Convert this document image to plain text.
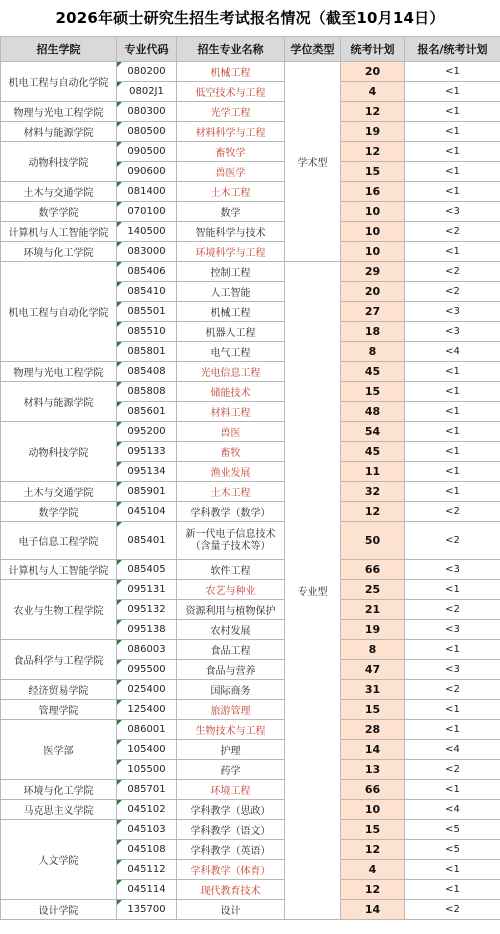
2026年硕士研究生招生考试报名情况（截至10月14日）
招生学院	专业代码	招生专业名称	学位类型	统考计划	报名/统考计划
机电工程与自动化学院	080200	机械工程	学术型	20	<1
	0802J1	低空技术与工程		4	<1
物理与光电工程学院	080300	光学工程		12	<1
材料与能源学院	080500	材料科学与工程		19	<1
动物科技学院	090500	畜牧学		12	<1
	090600	兽医学		15	<1
土木与交通学院	081400	土木工程		16	<1
数学学院	070100	数学		10	<3
计算机与人工智能学院	140500	智能科学与技术		10	<2
环境与化工学院	083000	环境科学与工程		10	<1
机电工程与自动化学院	085406	控制工程	专业型	29	<2
	085410	人工智能		20	<2
	085501	机械工程		27	<3
	085510	机器人工程		18	<3
	085801	电气工程		8	<4
物理与光电工程学院	085408	光电信息工程		45	<1
材料与能源学院	085808	储能技术		15	<1
	085601	材料工程		48	<1
动物科技学院	095200	兽医		54	<1
	095133	畜牧		45	<1
	095134	渔业发展		11	<1
土木与交通学院	085901	土木工程		32	<1
数学学院	045104	学科教学（数学）		12	<2
电子信息工程学院	085401	新一代电子信息技术（含量子技术等）		50	<2
计算机与人工智能学院	085405	软件工程		66	<3
农业与生物工程学院	095131	农艺与种业		25	<1
	095132	资源利用与植物保护		21	<2
	095138	农村发展		19	<3
食品科学与工程学院	086003	食品工程		8	<1
	095500	食品与营养		47	<3
经济贸易学院	025400	国际商务		31	<2
管理学院	125400	旅游管理		15	<1
医学部	086001	生物技术与工程		28	<1
	105400	护理		14	<4
	105500	药学		13	<2
环境与化工学院	085701	环境工程		66	<1
马克思主义学院	045102	学科教学（思政）		10	<4
人文学院	045103	学科教学（语文）		15	<5
	045108	学科教学（英语）		12	<5
	045112	学科教学（体育）		4	<1
	045114	现代教育技术		12	<1
设计学院	135700	设计		14	<2
